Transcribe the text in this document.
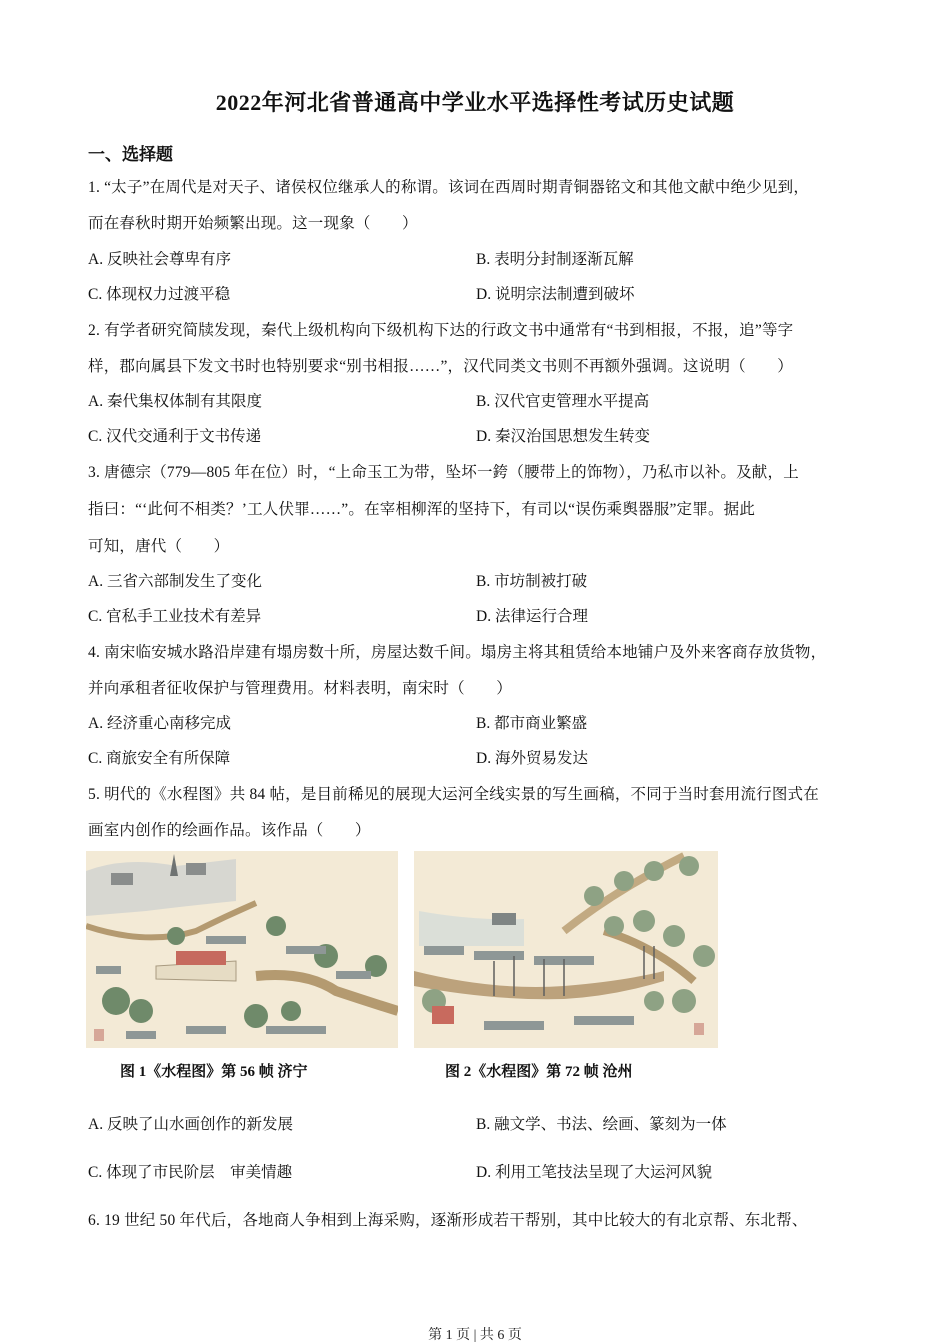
2022年河北省普通高中学业水平选择性考试历史试题
一、选择题
1. “太子”在周代是对天子、诸侯权位继承人的称谓。该词在西周时期青铜器铭文和其他文献中绝少见到，
而在春秋时期开始频繁出现。这一现象（　　）
A. 反映社会尊卑有序	B. 表明分封制逐渐瓦解
C. 体现权力过渡平稳	D. 说明宗法制遭到破坏
2. 有学者研究简牍发现，秦代上级机构向下级机构下达的行政文书中通常有“书到相报，不报，追”等字
样，郡向属县下发文书时也特别要求“别书相报……”，汉代同类文书则不再额外强调。这说明（　　）
A. 秦代集权体制有其限度	B. 汉代官吏管理水平提高
C. 汉代交通利于文书传递	D. 秦汉治国思想发生转变
3. 唐德宗（779—805 年在位）时，“上命玉工为带，坠坏一銙（腰带上的饰物），乃私市以补。及献，上
指曰：“‘此何不相类？’工人伏罪……”。在宰相柳浑的坚持下，有司以“误伤乘舆器服”定罪。据此
可知，唐代（　　）
A. 三省六部制发生了变化	B. 市坊制被打破
C. 官私手工业技术有差异	D. 法律运行合理
4. 南宋临安城水路沿岸建有塌房数十所，房屋达数千间。塌房主将其租赁给本地铺户及外来客商存放货物，
并向承租者征收保护与管理费用。材料表明，南宋时（　　）
A. 经济重心南移完成	B. 都市商业繁盛
C. 商旅安全有所保障	D. 海外贸易发达
5. 明代的《水程图》共 84 帖，是目前稀见的展现大运河全线实景的写生画稿，不同于当时套用流行图式在
画室内创作的绘画作品。该作品（　　）
图 1《水程图》第 56 帧 济宁	图 2《水程图》第 72 帧 沧州
A. 反映了山水画创作的新发展	B. 融文学、书法、绘画、篆刻为一体
C. 体现了市民阶层　审美情趣	D. 利用工笔技法呈现了大运河风貌
6. 19 世纪 50 年代后，各地商人争相到上海采购，逐渐形成若干帮别，其中比较大的有北京帮、东北帮、
第 1 页 | 共 6 页
